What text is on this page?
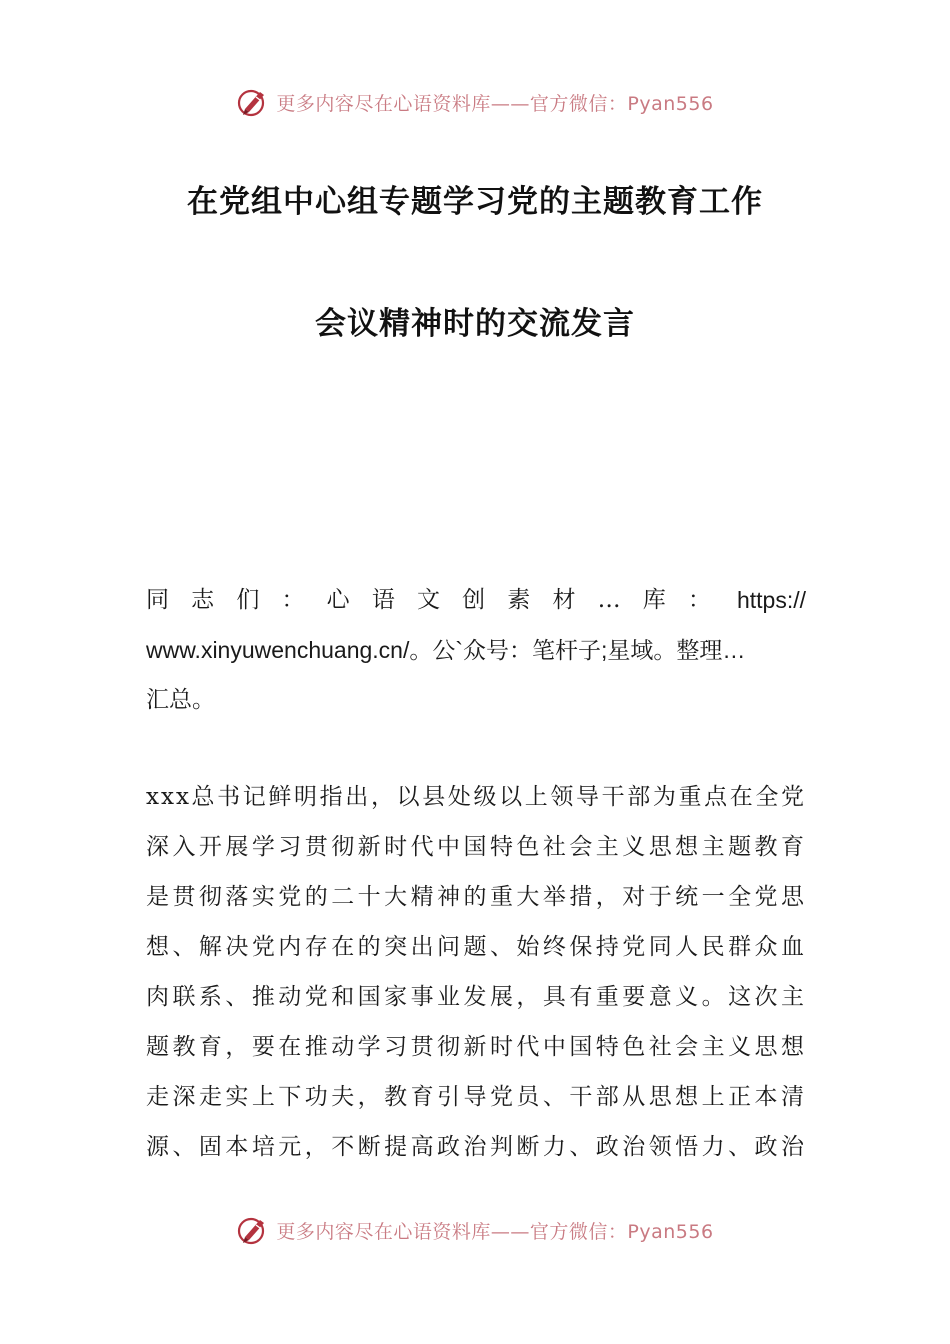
更多内容尽在心语资料库——官方微信：Pyan556
在党组中心组专题学习党的主题教育工作
会议精神时的交流发言
同志们：心语文创素材…库： https://
www.xinyuwenchuang.cn/。公`众号：笔杆子;星域。整理…
汇总。
xxx总书记鲜明指出，以县处级以上领导干部为重点在全党
深入开展学习贯彻新时代中国特色社会主义思想主题教育
是贯彻落实党的二十大精神的重大举措，对于统一全党思
想、解决党内存在的突出问题、始终保持党同人民群众血
肉联系、推动党和国家事业发展，具有重要意义。这次主
题教育，要在推动学习贯彻新时代中国特色社会主义思想
走深走实上下功夫，教育引导党员、干部从思想上正本清
源、固本培元，不断提高政治判断力、政治领悟力、政治
更多内容尽在心语资料库——官方微信：Pyan556
